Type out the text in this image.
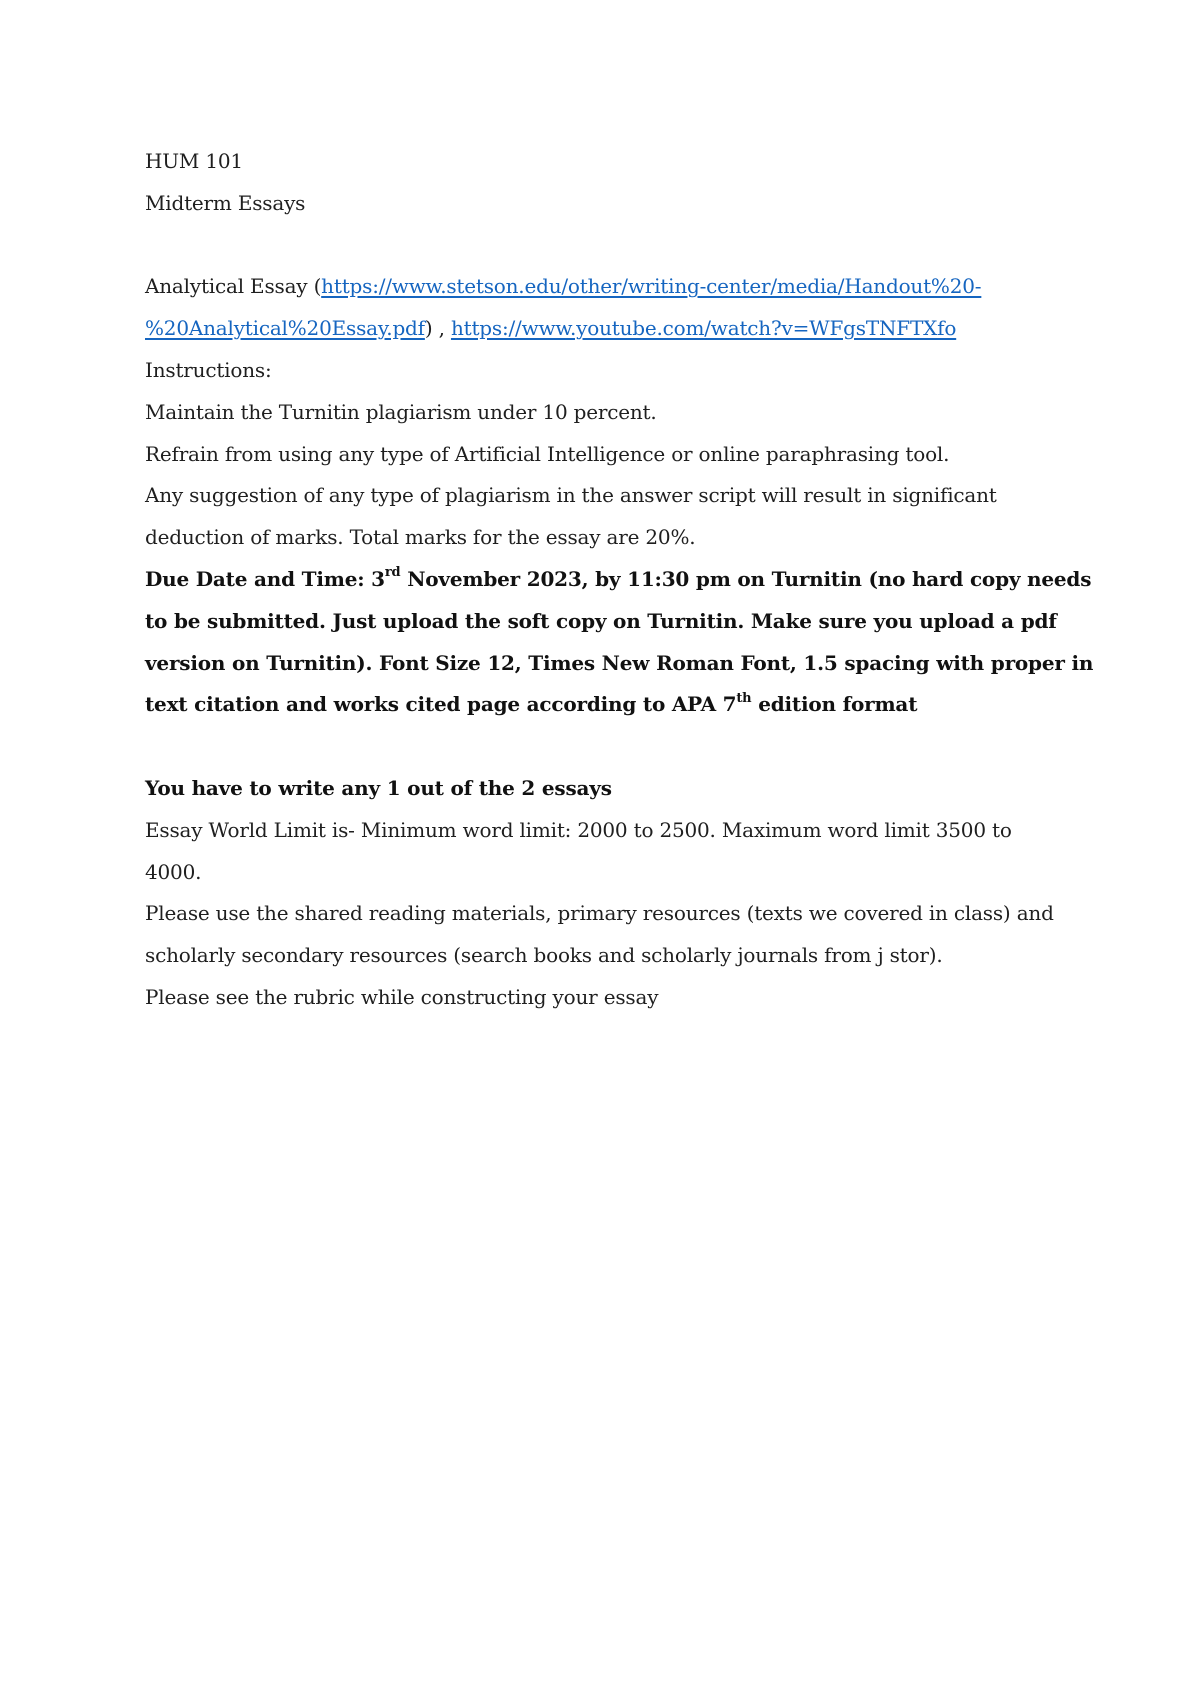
HUM 101

Midterm Essays

Analytical Essay (https://www.stetson.edu/other/writing-center/media/Handout%20-

%20Analytical%20Essay.pdf) , https://www.youtube.com/watch?v=WFgsTNFTXfo

Instructions:

Maintain the Turnitin plagiarism under 10 percent.

Refrain from using any type of Artificial Intelligence or online paraphrasing tool.

Any suggestion of any type of plagiarism in the answer script will result in significant

deduction of marks. Total marks for the essay are 20%.

Due Date and Time: 3rd November 2023, by 11:30 pm on Turnitin (no hard copy needs

to be submitted. Just upload the soft copy on Turnitin. Make sure you upload a pdf

version on Turnitin). Font Size 12, Times New Roman Font, 1.5 spacing with proper in

text citation and works cited page according to APA 7th edition format

You have to write any 1 out of the 2 essays

Essay World Limit is- Minimum word limit: 2000 to 2500. Maximum word limit 3500 to

4000.

Please use the shared reading materials, primary resources (texts we covered in class) and

scholarly secondary resources (search books and scholarly journals from j stor).

Please see the rubric while constructing your essay
